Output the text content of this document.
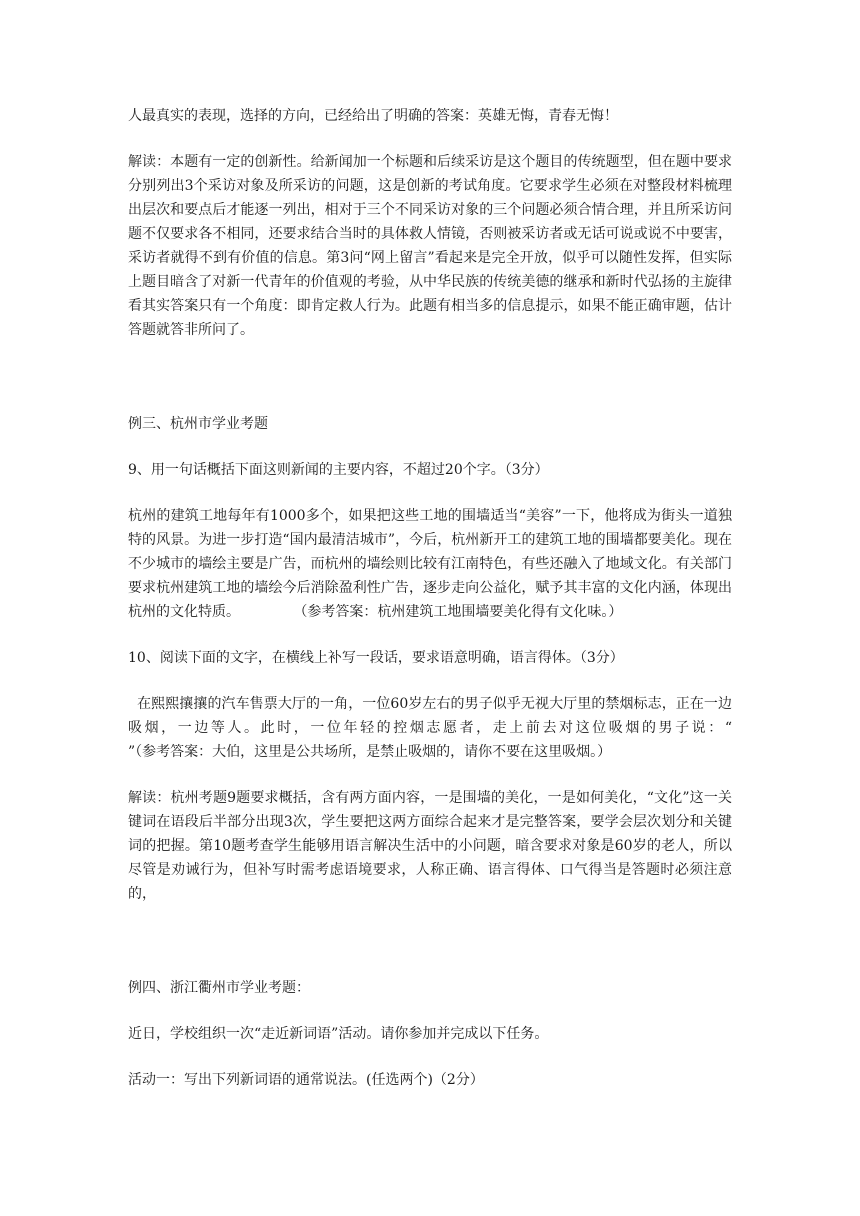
人最真实的表现，选择的方向，已经给出了明确的答案：英雄无悔，青春无悔！

解读：本题有一定的创新性。给新闻加一个标题和后续采访是这个题目的传统题型，但在题中要求分别列出3个采访对象及所采访的问题，这是创新的考试角度。它要求学生必须在对整段材料梳理出层次和要点后才能逐一列出，相对于三个不同采访对象的三个问题必须合情合理，并且所采访问题不仅要求各不相同，还要求结合当时的具体救人情镜，否则被采访者或无话可说或说不中要害，采访者就得不到有价值的信息。第3问“网上留言”看起来是完全开放，似乎可以随性发挥，但实际上题目暗含了对新一代青年的价值观的考验，从中华民族的传统美德的继承和新时代弘扬的主旋律看其实答案只有一个角度：即肯定救人行为。此题有相当多的信息提示，如果不能正确审题，估计答题就答非所问了。

例三、杭州市学业考题

9、用一句话概括下面这则新闻的主要内容，不超过20个字。（3分）

杭州的建筑工地每年有1000多个，如果把这些工地的围墙适当“美容”一下，他将成为街头一道独特的风景。为进一步打造“国内最清洁城市”，今后，杭州新开工的建筑工地的围墙都要美化。现在不少城市的墙绘主要是广告，而杭州的墙绘则比较有江南特色，有些还融入了地域文化。有关部门要求杭州建筑工地的墙绘今后消除盈利性广告，逐步走向公益化，赋予其丰富的文化内涵，体现出杭州的文化特质。            （参考答案：杭州建筑工地围墙要美化得有文化味。）

10、阅读下面的文字，在横线上补写一段话，要求语意明确，语言得体。（3分）

在熙熙攘攘的汽车售票大厅的一角，一位60岁左右的男子似乎无视大厅里的禁烟标志，正在一边吸烟，一边等人。此时，一位年轻的控烟志愿者，走上前去对这位吸烟的男子说：“                ”（参考答案：大伯，这里是公共场所，是禁止吸烟的，请你不要在这里吸烟。）

解读：杭州考题9题要求概括，含有两方面内容，一是围墙的美化，一是如何美化，“文化”这一关键词在语段后半部分出现3次，学生要把这两方面综合起来才是完整答案，要学会层次划分和关键词的把握。第10题考查学生能够用语言解决生活中的小问题，暗含要求对象是60岁的老人，所以尽管是劝诫行为，但补写时需考虑语境要求，人称正确、语言得体、口气得当是答题时必须注意的，

例四、浙江衢州市学业考题：

近日，学校组织一次“走近新词语”活动。请你参加并完成以下任务。

活动一：写出下列新词语的通常说法。(任选两个)（2分）
